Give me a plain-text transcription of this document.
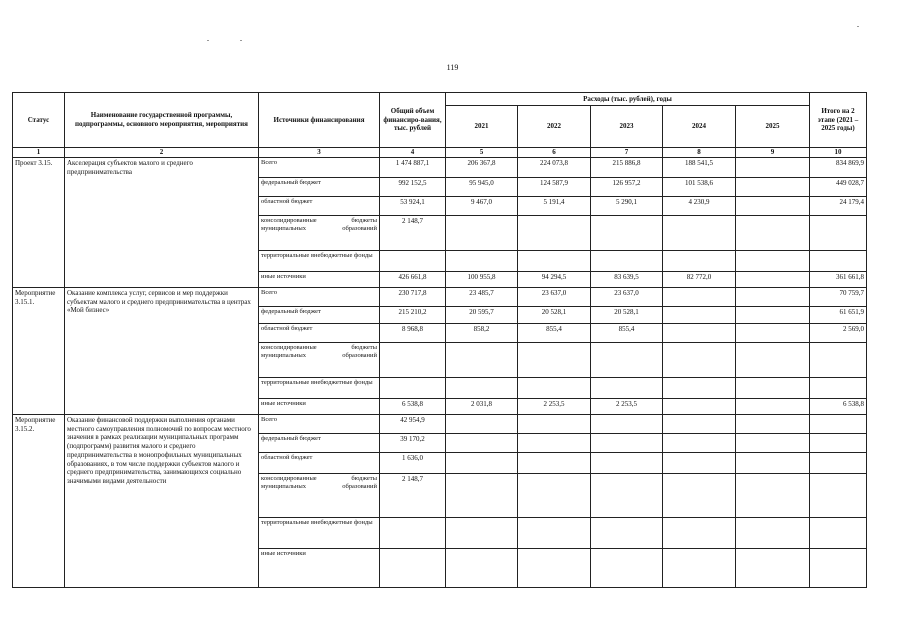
119
Статус	Наименование государственной программы, подпрограммы, основного мероприятия, мероприятия	Источники финансирования	Общий объем финансиро-вания, тыс. рублей	Расходы (тыс. рублей), годы					Итого на 2 этапе (2021 – 2025 годы)
				2021	2022	2023	2024	2025	
1	2	3	4	5	6	7	8	9	10
Проект 3.15.	Акселерация субъектов малого и среднего предпринимательства	Всего	1 474 887,1	206 367,8	224 073,8	215 886,8	188 541,5		834 869,9
		федеральный бюджет	992 152,5	95 945,0	124 587,9	126 957,2	101 538,6		449 028,7
		областной бюджет	53 924,1	9 467,0	5 191,4	5 290,1	4 230,9		24 179,4
		консолидированные бюджеты муниципальных образований	2 148,7						
		территориальные внебюджетные фонды							
		иные источники	426 661,8	100 955,8	94 294,5	83 639,5	82 772,0		361 661,8
Мероприятие 3.15.1.	Оказание комплекса услуг, сервисов и мер поддержки субъектам малого и среднего предпринимательства в центрах «Мой бизнес»	Всего	230 717,8	23 485,7	23 637,0	23 637,0			70 759,7
		федеральный бюджет	215 210,2	20 595,7	20 528,1	20 528,1			61 651,9
		областной бюджет	8 968,8	858,2	855,4	855,4			2 569,0
		консолидированные бюджеты муниципальных образований							
		территориальные внебюджетные фонды							
		иные источники	6 538,8	2 031,8	2 253,5	2 253,5			6 538,8
Мероприятие 3.15.2.	Оказание финансовой поддержки выполнения органами местного самоуправления полномочий по вопросам местного значения в рамках реализации муниципальных программ (подпрограмм) развития малого и среднего предпринимательства в монопрофильных муниципальных образованиях, в том числе поддержки субъектов малого и среднего предпринимательства, занимающихся социально значимыми видами деятельности	Всего	42 954,9						
		федеральный бюджет	39 170,2						
		областной бюджет	1 636,0						
		консолидированные бюджеты муниципальных образований	2 148,7						
		территориальные внебюджетные фонды							
		иные источники							
